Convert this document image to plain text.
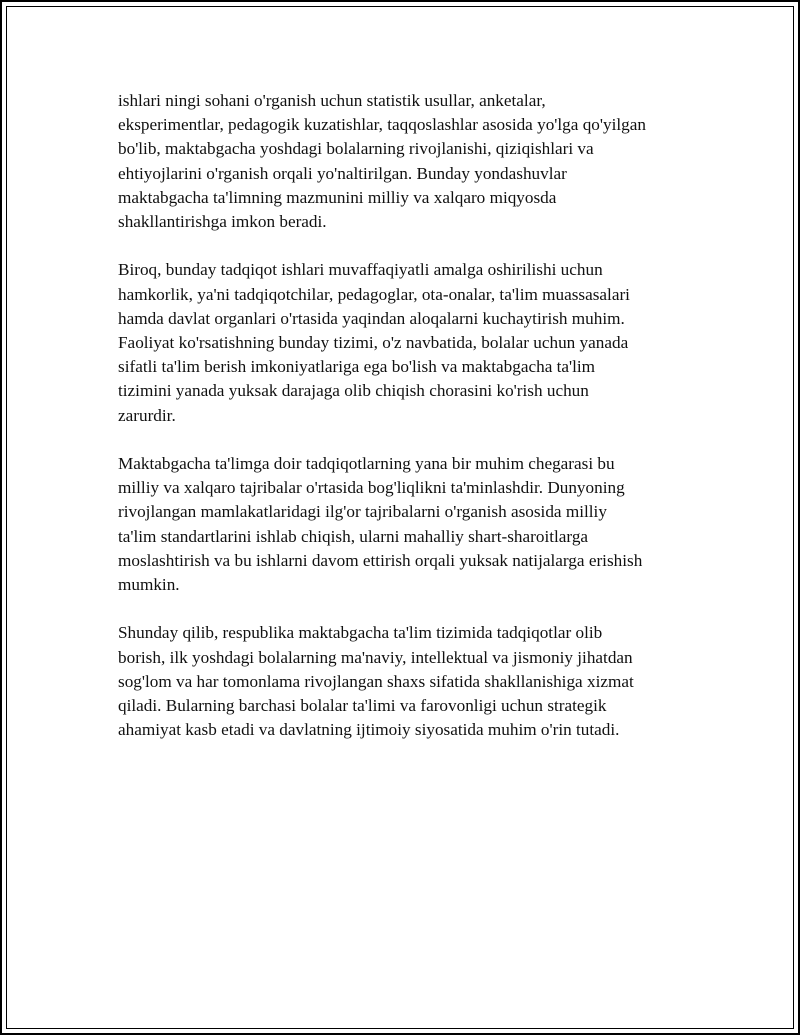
ishlari ningi sohani o'rganish uchun statistik usullar, anketalar,
eksperimentlar, pedagogik kuzatishlar, taqqoslashlar asosida yo'lga qo'yilgan
bo'lib, maktabgacha yoshdagi bolalarning rivojlanishi, qiziqishlari va
ehtiyojlarini o'rganish orqali yo'naltirilgan. Bunday yondashuvlar
maktabgacha ta'limning mazmunini milliy va xalqaro miqyosda
shakllantirishga imkon beradi.

Biroq, bunday tadqiqot ishlari muvaffaqiyatli amalga oshirilishi uchun
hamkorlik, ya'ni tadqiqotchilar, pedagoglar, ota-onalar, ta'lim muassasalari
hamda davlat organlari o'rtasida yaqindan aloqalarni kuchaytirish muhim.
Faoliyat ko'rsatishning bunday tizimi, o'z navbatida, bolalar uchun yanada
sifatli ta'lim berish imkoniyatlariga ega bo'lish va maktabgacha ta'lim
tizimini yanada yuksak darajaga olib chiqish chorasini ko'rish uchun
zarurdir.

Maktabgacha ta'limga doir tadqiqotlarning yana bir muhim chegarasi bu
milliy va xalqaro tajribalar o'rtasida bog'liqlikni ta'minlashdir. Dunyoning
rivojlangan mamlakatlaridagi ilg'or tajribalarni o'rganish asosida milliy
ta'lim standartlarini ishlab chiqish, ularni mahalliy shart-sharoitlarga
moslashtirish va bu ishlarni davom ettirish orqali yuksak natijalarga erishish
mumkin.

Shunday qilib, respublika maktabgacha ta'lim tizimida tadqiqotlar olib
borish, ilk yoshdagi bolalarning ma'naviy, intellektual va jismoniy jihatdan
sog'lom va har tomonlama rivojlangan shaxs sifatida shakllanishiga xizmat
qiladi. Bularning barchasi bolalar ta'limi va farovonligi uchun strategik
ahamiyat kasb etadi va davlatning ijtimoiy siyosatida muhim o'rin tutadi.
